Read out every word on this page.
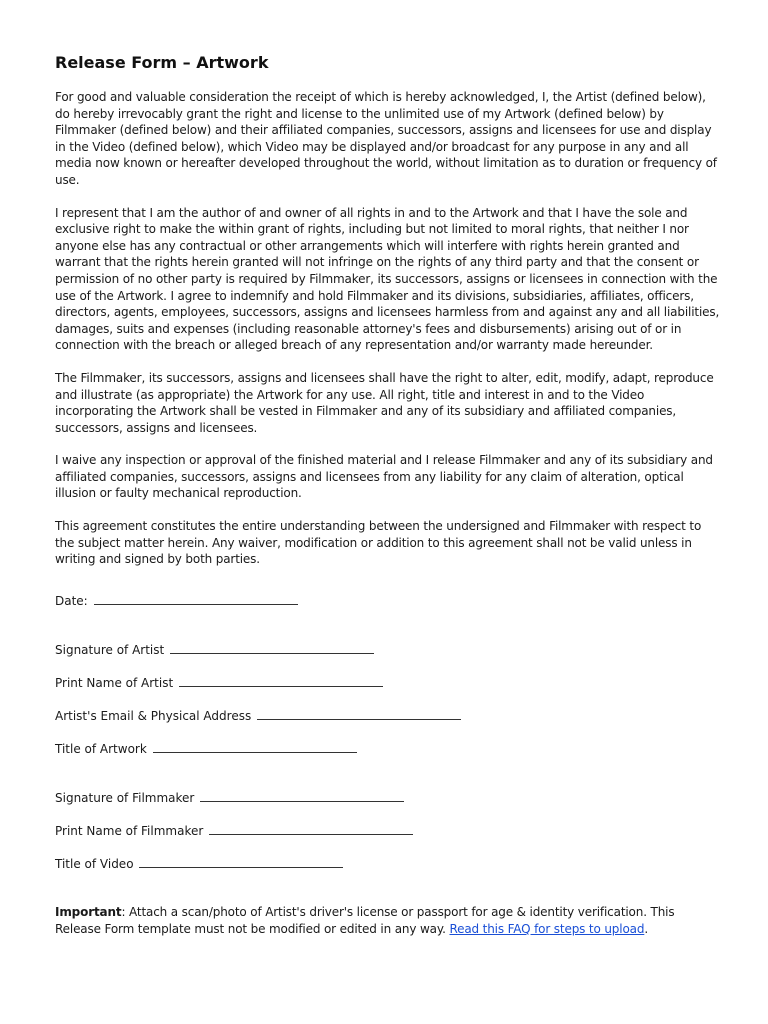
Release Form – Artwork

For good and valuable consideration the receipt of which is hereby acknowledged, I, the Artist (defined below), do hereby irrevocably grant the right and license to the unlimited use of my Artwork (defined below) by Filmmaker (defined below) and their affiliated companies, successors, assigns and licensees for use and display in the Video (defined below), which Video may be displayed and/or broadcast for any purpose in any and all media now known or hereafter developed throughout the world, without limitation as to duration or frequency of use.

I represent that I am the author of and owner of all rights in and to the Artwork and that I have the sole and exclusive right to make the within grant of rights, including but not limited to moral rights, that neither I nor anyone else has any contractual or other arrangements which will interfere with rights herein granted and warrant that the rights herein granted will not infringe on the rights of any third party and that the consent or permission of no other party is required by Filmmaker, its successors, assigns or licensees in connection with the use of the Artwork. I agree to indemnify and hold Filmmaker and its divisions, subsidiaries, affiliates, officers, directors, agents, employees, successors, assigns and licensees harmless from and against any and all liabilities, damages, suits and expenses (including reasonable attorney's fees and disbursements) arising out of or in connection with the breach or alleged breach of any representation and/or warranty made hereunder.

The Filmmaker, its successors, assigns and licensees shall have the right to alter, edit, modify, adapt, reproduce and illustrate (as appropriate) the Artwork for any use. All right, title and interest in and to the Video incorporating the Artwork shall be vested in Filmmaker and any of its subsidiary and affiliated companies, successors, assigns and licensees.

I waive any inspection or approval of the finished material and I release Filmmaker and any of its subsidiary and affiliated companies, successors, assigns and licensees from any liability for any claim of alteration, optical illusion or faulty mechanical reproduction.

This agreement constitutes the entire understanding between the undersigned and Filmmaker with respect to the subject matter herein. Any waiver, modification or addition to this agreement shall not be valid unless in writing and signed by both parties.

Date:
Signature of Artist
Print Name of Artist
Artist's Email & Physical Address
Title of Artwork
Signature of Filmmaker
Print Name of Filmmaker
Title of Video
Important: Attach a scan/photo of Artist's driver's license or passport for age & identity verification. This Release Form template must not be modified or edited in any way. Read this FAQ for steps to upload.
